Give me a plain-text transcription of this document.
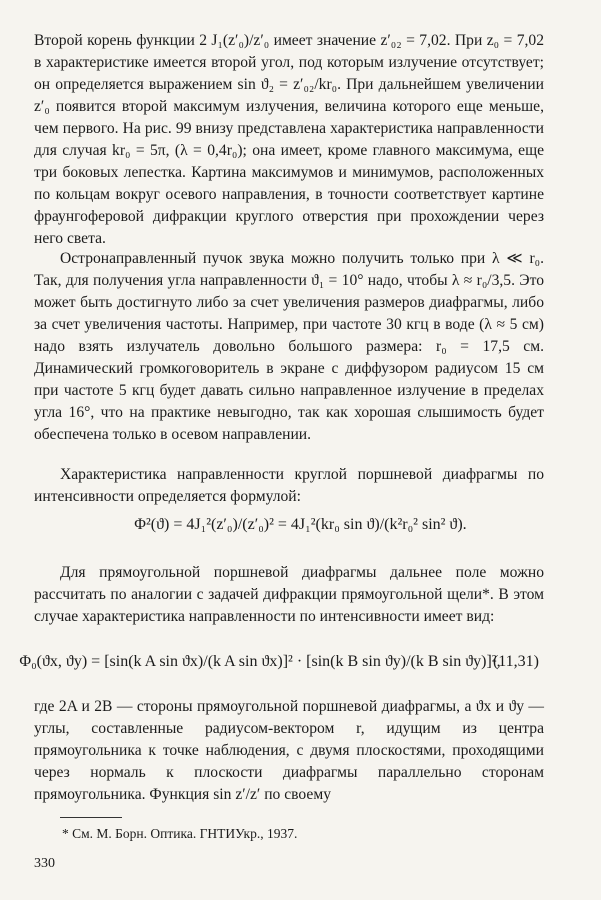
Второй корень функции 2 J₁(z′₀)/z′₀ имеет значение z′₀₂ = 7,02. При z₀ = 7,02 в характеристике имеется второй угол, под которым излучение отсутствует; он определяется выражением sin ϑ₂ = z′₀₂/kr₀. При дальнейшем увеличении z′₀ появится второй максимум излучения, величина которого еще меньше, чем первого. На рис. 99 внизу представлена характеристика направленности для случая kr₀ = 5π, (λ = 0,4r₀); она имеет, кроме главного максимума, еще три боковых лепестка. Картина максимумов и минимумов, расположенных по кольцам вокруг осевого направления, в точности соответствует картине фраунгоферовой дифракции круглого отверстия при прохождении через него света.
Остронаправленный пучок звука можно получить только при λ ≪ r₀. Так, для получения угла направленности ϑ₁ = 10° надо, чтобы λ ≈ r₀/3,5. Это может быть достигнуто либо за счет увеличения размеров диафрагмы, либо за счет увеличения частоты. Например, при частоте 30 кгц в воде (λ ≈ 5 см) надо взять излучатель довольно большого размера: r₀ = 17,5 см. Динамический громкоговоритель в экране с диффузором радиусом 15 см при частоте 5 кгц будет давать сильно направленное излучение в пределах угла 16°, что на практике невыгодно, так как хорошая слышимость будет обеспечена только в осевом направлении.
Характеристика направленности круглой поршневой диафрагмы по интенсивности определяется формулой:
Φ²(ϑ) = 4J₁²(z′₀)/(z′₀)² = 4J₁²(kr₀ sin ϑ)/(k²r₀² sin² ϑ).
Для прямоугольной поршневой диафрагмы дальнее поле можно рассчитать по аналогии с задачей дифракции прямоугольной щели*. В этом случае характеристика направленности по интенсивности имеет вид:
Φ₀(ϑx, ϑy) = [sin(k A sin ϑx)/(k A sin ϑx)]² · [sin(k B sin ϑy)/(k B sin ϑy)]²,
(11,31)
где 2A и 2B — стороны прямоугольной поршневой диафрагмы, а ϑx и ϑy — углы, составленные радиусом-вектором r, идущим из центра прямоугольника к точке наблюдения, с двумя плоскостями, проходящими через нормаль к плоскости диафрагмы параллельно сторонам прямоугольника. Функция sin z′/z′ по своему
* См. М. Борн. Оптика. ГНТИУкр., 1937.
330
